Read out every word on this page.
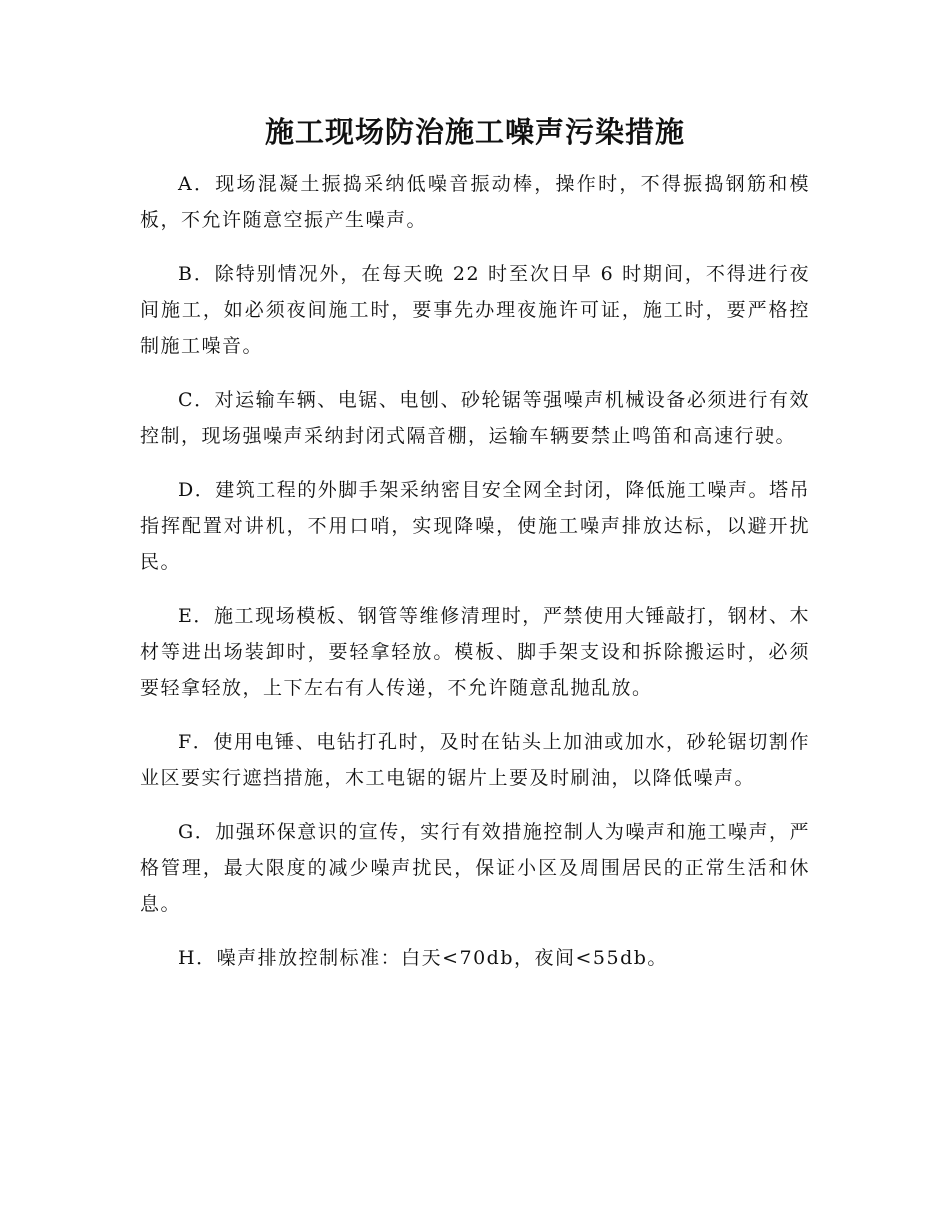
施工现场防治施工噪声污染措施

A．现场混凝土振捣采纳低噪音振动棒，操作时，不得振捣钢筋和模板，不允许随意空振产生噪声。

B．除特别情况外，在每天晚 22 时至次日早 6 时期间，不得进行夜间施工，如必须夜间施工时，要事先办理夜施许可证，施工时，要严格控制施工噪音。

C．对运输车辆、电锯、电刨、砂轮锯等强噪声机械设备必须进行有效控制，现场强噪声采纳封闭式隔音棚，运输车辆要禁止鸣笛和高速行驶。

D．建筑工程的外脚手架采纳密目安全网全封闭，降低施工噪声。塔吊指挥配置对讲机，不用口哨，实现降噪，使施工噪声排放达标，以避开扰民。

E．施工现场模板、钢管等维修清理时，严禁使用大锤敲打，钢材、木材等进出场装卸时，要轻拿轻放。模板、脚手架支设和拆除搬运时，必须要轻拿轻放，上下左右有人传递，不允许随意乱抛乱放。

F．使用电锤、电钻打孔时，及时在钻头上加油或加水，砂轮锯切割作业区要实行遮挡措施，木工电锯的锯片上要及时刷油，以降低噪声。

G．加强环保意识的宣传，实行有效措施控制人为噪声和施工噪声，严格管理，最大限度的减少噪声扰民，保证小区及周围居民的正常生活和休息。

H．噪声排放控制标准：白天<70db，夜间<55db。
